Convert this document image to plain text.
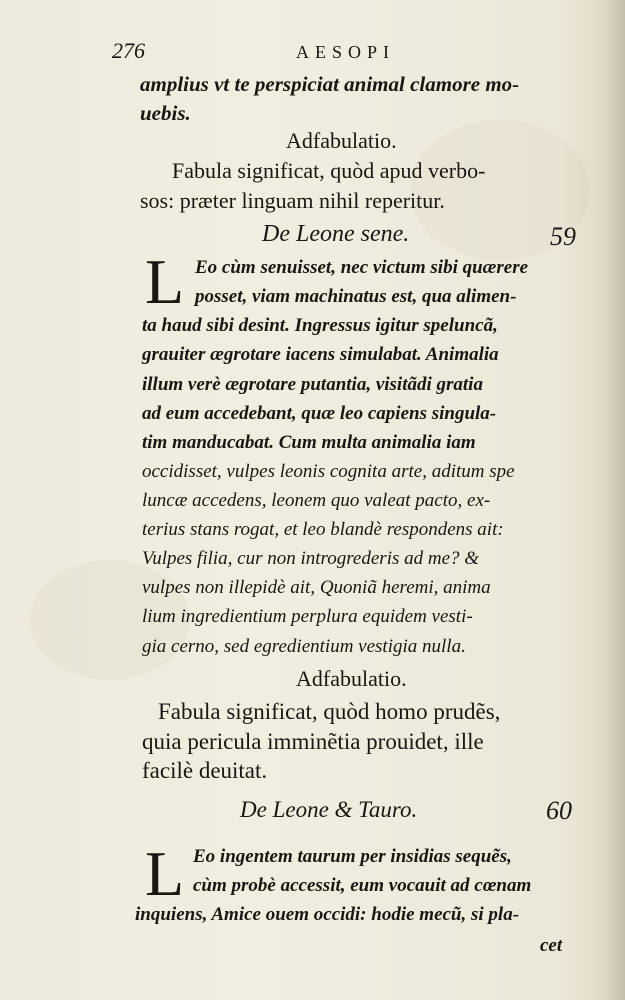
276	AESOPI
amplius vt te perspiciat animal clamore mo-
uebis.
Adfabulatio.
Fabula significat, quòd apud verbo-
sos: præter linguam nihil reperitur.
De Leone sene.	59
L Eo cùm senuisset, nec victum sibi quærere
posset, viam machinatus est, qua alimen-
ta haud sibi desint. Ingressus igitur speluncã,
grauiter ægrotare iacens simulabat. Animalia
illum verè ægrotare putantia, visitãdi gratia
ad eum accedebant, quæ leo capiens singula-
tim manducabat. Cum multa animalia iam
occidisset, vulpes leonis cognita arte, aditum spe
luncæ accedens, leonem quo valeat pacto, ex-
terius stans rogat, et leo blandè respondens ait:
Vulpes filia, cur non introgrederis ad me? &
vulpes non illepidè ait, Quoniã heremi, anima
lium ingredientium perplura equidem vesti-
gia cerno, sed egredientium vestigia nulla.
Adfabulatio.
Fabula significat, quòd homo prudẽs,
quia pericula imminẽtia prouidet, ille
facilè deuitat.
De Leone & Tauro.	60
L Eo ingentem taurum per insidias sequẽs,
cùm probè accessit, eum vocauit ad cœnam
inquiens, Amice ouem occidi: hodie mecũ, si pla-
cet
